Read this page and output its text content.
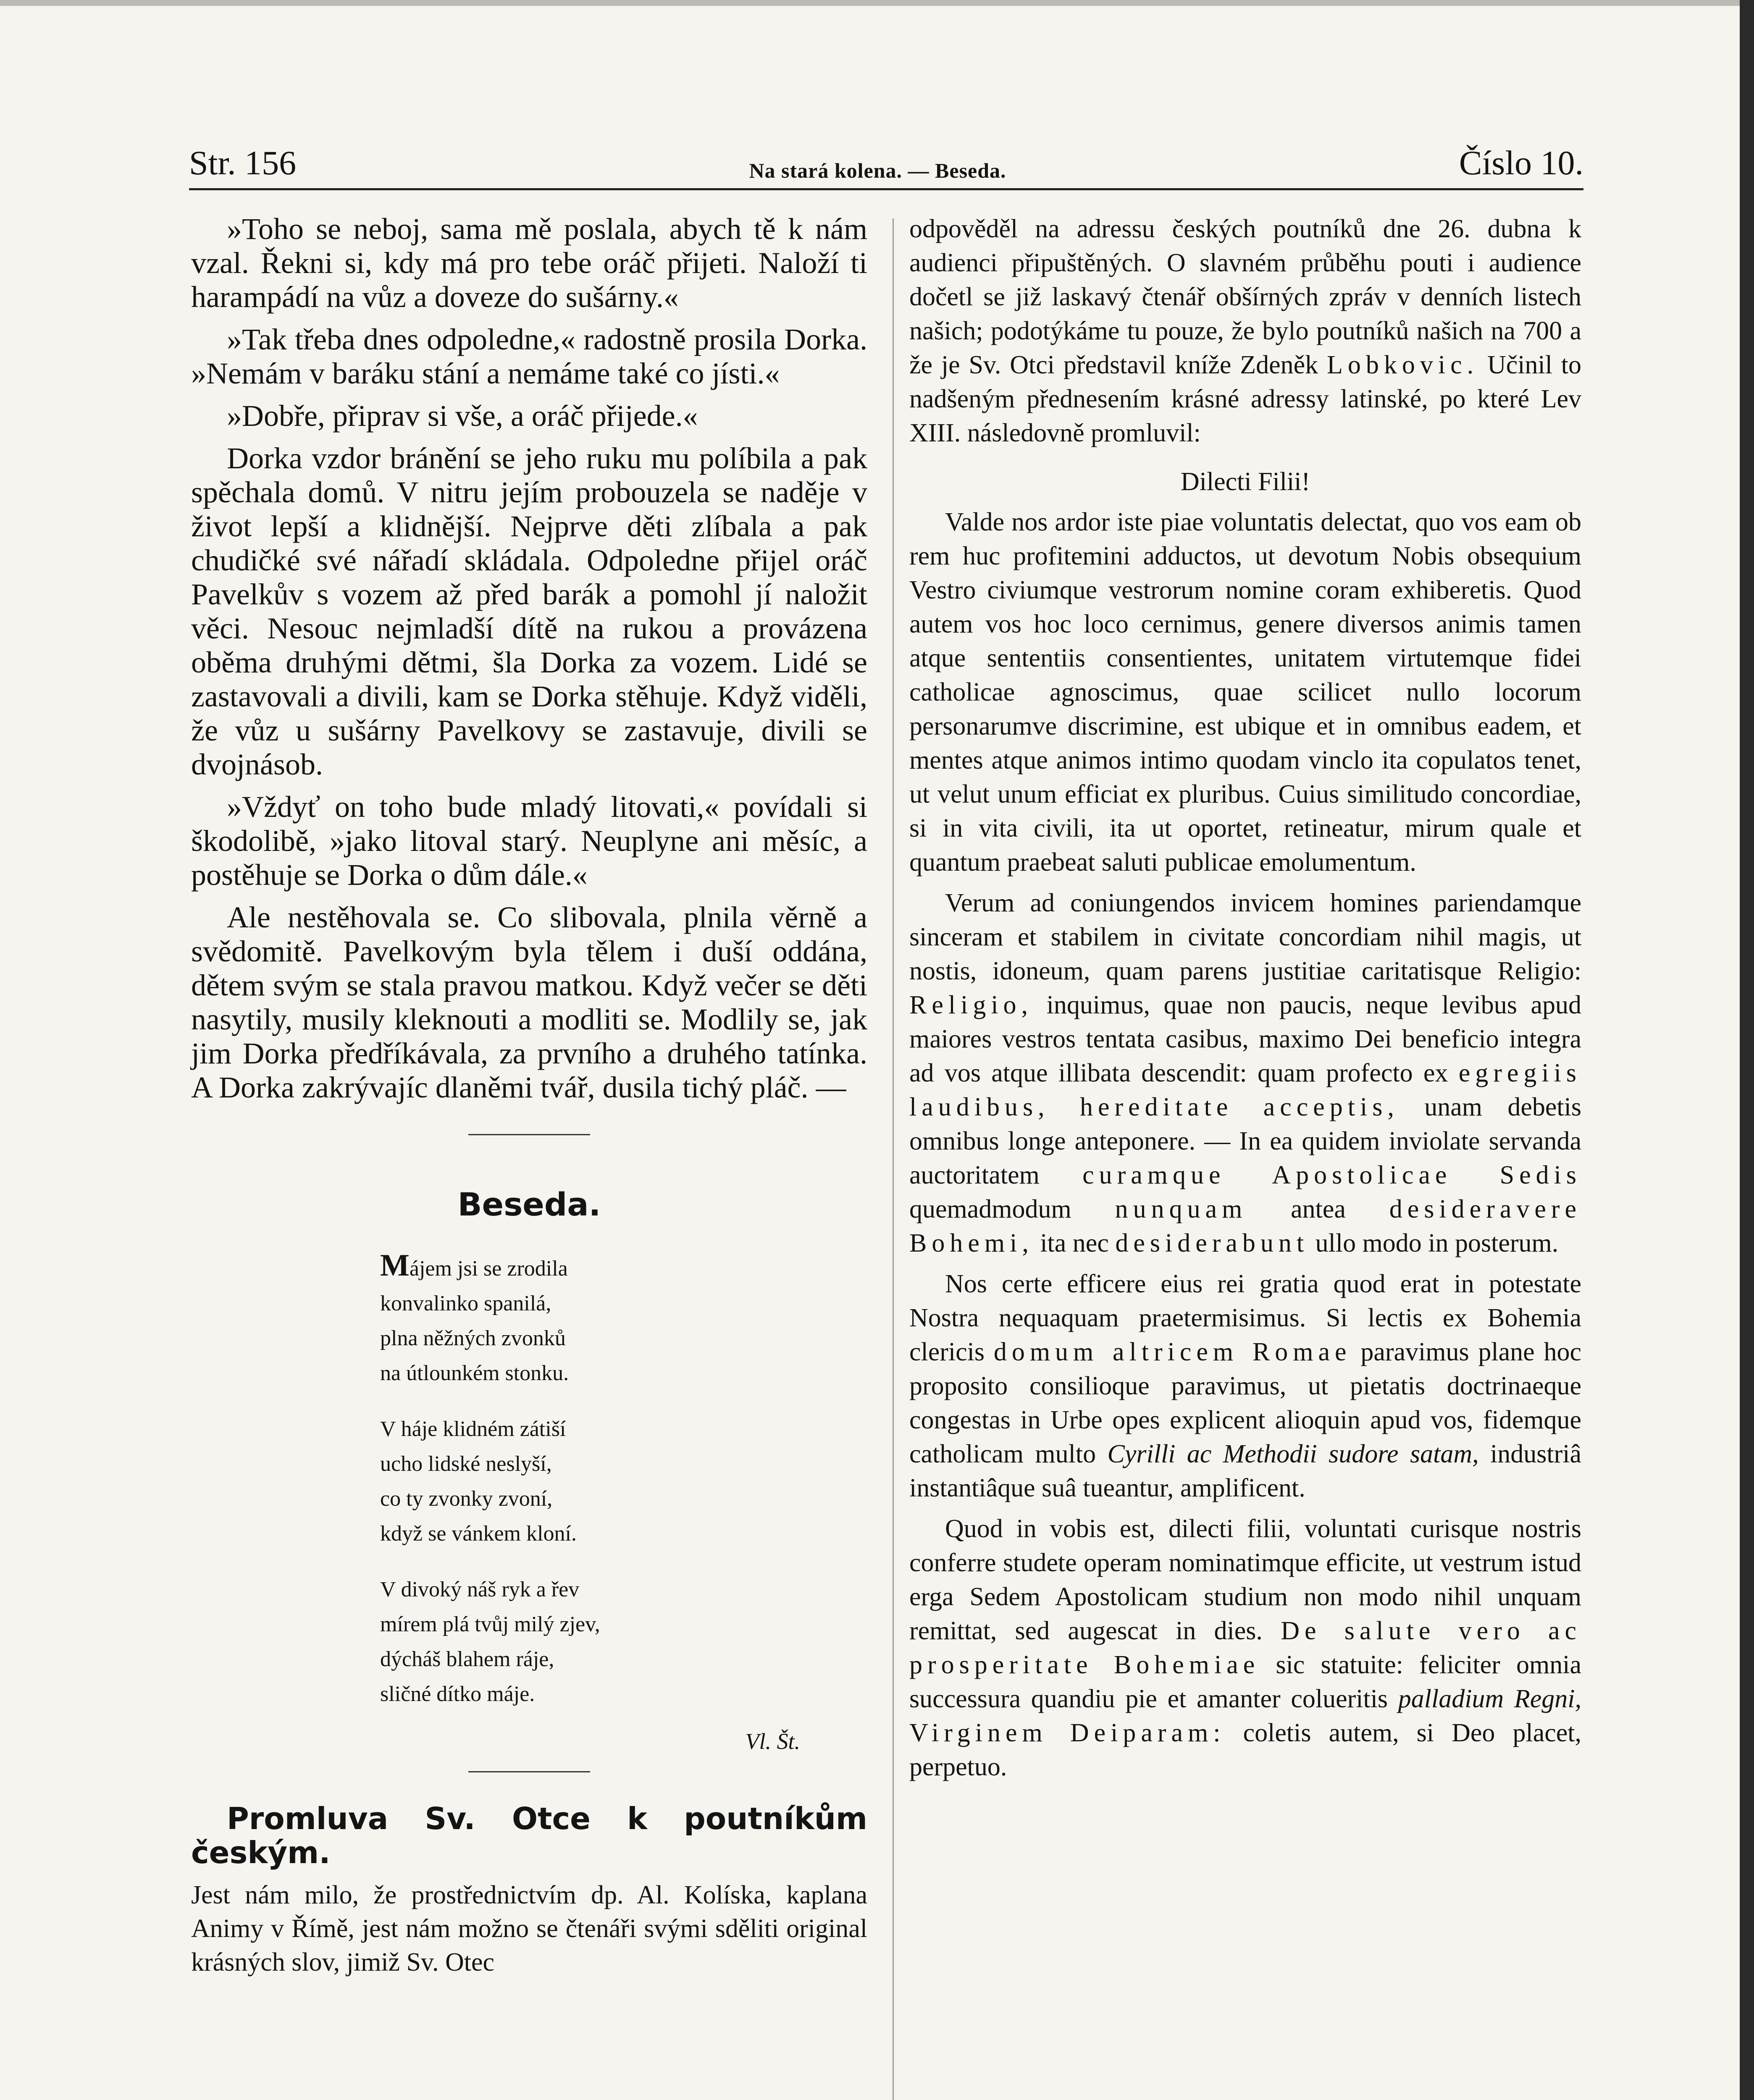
Str. 156	Na stará kolena. — Beseda.	Číslo 10.

»Toho se neboj, sama mě poslala, abych tě k nám vzal. Řekni si, kdy má pro tebe oráč přijeti. Naloží ti harampádí na vůz a doveze do sušárny.«

»Tak třeba dnes odpoledne,« radostně prosila Dorka. »Nemám v baráku stání a nemáme také co jísti.«

»Dobře, připrav si vše, a oráč přijede.«

Dorka vzdor bránění se jeho ruku mu políbila a pak spěchala domů. V nitru jejím probouzela se naděje v život lepší a klidnější. Nejprve děti zlíbala a pak chudičké své nářadí skládala. Odpoledne přijel oráč Pavelkův s vozem až před barák a pomohl jí naložit věci. Nesouc nejmladší dítě na rukou a provázena oběma druhými dětmi, šla Dorka za vozem. Lidé se zastavovali a divili, kam se Dorka stěhuje. Když viděli, že vůz u sušárny Pavelkovy se zastavuje, divili se dvojnásob.

»Vždyť on toho bude mladý litovati,« povídali si škodolibě, »jako litoval starý. Neuplyne ani měsíc, a postěhuje se Dorka o dům dále.«

Ale nestěhovala se. Co slibovala, plnila věrně a svědomitě. Pavelkovým byla tělem i duší oddána, dětem svým se stala pravou matkou. Když večer se děti nasytily, musily kleknouti a modliti se. Modlily se, jak jim Dorka předříkávala, za prvního a druhého tatínka. A Dorka zakrývajíc dlaněmi tvář, dusila tichý pláč. —

Beseda.
Májem jsi se zrodila
konvalinko spanilá,
plna něžných zvonků
na útlounkém stonku.
V háje klidném zátiší
ucho lidské neslyší,
co ty zvonky zvoní,
když se vánkem kloní.
V divoký náš ryk a řev
mírem plá tvůj milý zjev,
dýcháš blahem ráje,
sličné dítko máje.
Vl. Št.

Promluva Sv. Otce k poutníkům českým.

Jest nám milo, že prostřednictvím dp. Al. Kolíska, kaplana Animy v Římě, jest nám možno se čtenáři svými sděliti original krásných slov, jimiž Sv. Otec

odpověděl na adressu českých poutníků dne 26. dubna k audienci připuštěných. O slavném průběhu pouti i audience dočetl se již laskavý čtenář obšírných zpráv v denních listech našich; podotýkáme tu pouze, že bylo poutníků našich na 700 a že je Sv. Otci představil kníže Zdeněk Lobkovic. Učinil to nadšeným přednesením krásné adressy latinské, po které Lev XIII. následovně promluvil:

Dilecti Filii!

Valde nos ardor iste piae voluntatis delectat, quo vos eam ob rem huc profitemini adductos, ut devotum Nobis obsequium Vestro civiumque vestrorum nomine coram exhiberetis. Quod autem vos hoc loco cernimus, genere diversos animis tamen atque sententiis consentientes, unitatem virtutemque fidei catholicae agnoscimus, quae scilicet nullo locorum personarumve discrimine, est ubique et in omnibus eadem, et mentes atque animos intimo quodam vinclo ita copulatos tenet, ut velut unum efficiat ex pluribus. Cuius similitudo concordiae, si in vita civili, ita ut oportet, retineatur, mirum quale et quantum praebeat saluti publicae emolumentum.

Verum ad coniungendos invicem homines pariendamque sinceram et stabilem in civitate concordiam nihil magis, ut nostis, idoneum, quam parens justitiae caritatisque Religio: Religio, inquimus, quae non paucis, neque levibus apud maiores vestros tentata casibus, maximo Dei beneficio integra ad vos atque illibata descendit: quam profecto ex egregiis laudibus, hereditate acceptis, unam debetis omnibus longe anteponere. — In ea quidem inviolate servanda auctoritatem curamque Apostolicae Sedis quemadmodum nunquam antea desideravere Bohemi, ita nec desiderabunt ullo modo in posterum.

Nos certe efficere eius rei gratia quod erat in potestate Nostra nequaquam praetermisimus. Si lectis ex Bohemia clericis domum altricem Romae paravimus plane hoc proposito consilioque paravimus, ut pietatis doctrinaeque congestas in Urbe opes explicent alioquin apud vos, fidemque catholicam multo Cyrilli ac Methodii sudore satam, industriâ instantiâque suâ tueantur, amplificent.

Quod in vobis est, dilecti filii, voluntati curisque nostris conferre studete operam nominatimque efficite, ut vestrum istud erga Sedem Apostolicam studium non modo nihil unquam remittat, sed augescat in dies. De salute vero ac prosperitate Bohemiae sic statuite: feliciter omnia successura quandiu pie et amanter colueritis palladium Regni, Virginem Deiparam: coletis autem, si Deo placet, perpetuo.
